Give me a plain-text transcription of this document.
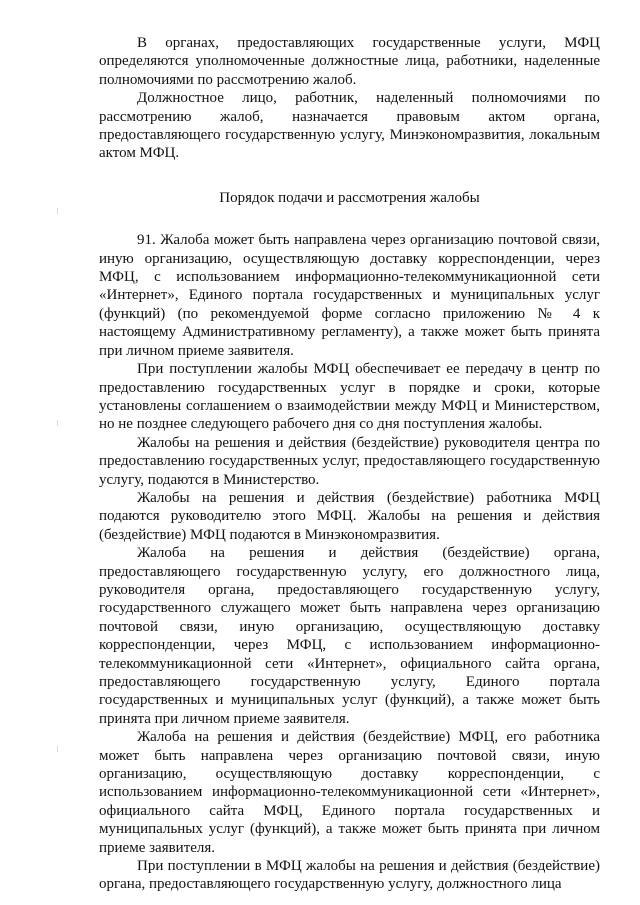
В органах, предоставляющих государственные услуги, МФЦ определяются уполномоченные должностные лица, работники, наделенные полномочиями по рассмотрению жалоб.

Должностное лицо, работник, наделенный полномочиями по рассмотрению жалоб, назначается правовым актом органа, предоставляющего государственную услугу, Минэкономразвития, локальным актом МФЦ.

Порядок подачи и рассмотрения жалобы

91. Жалоба может быть направлена через организацию почтовой связи, иную организацию, осуществляющую доставку корреспонденции, через МФЦ, с использованием информационно-телекоммуникационной сети «Интернет», Единого портала государственных и муниципальных услуг (функций) (по рекомендуемой форме согласно приложению № 4 к настоящему Административному регламенту), а также может быть принята при личном приеме заявителя.

При поступлении жалобы МФЦ обеспечивает ее передачу в центр по предоставлению государственных услуг в порядке и сроки, которые установлены соглашением о взаимодействии между МФЦ и Министерством, но не позднее следующего рабочего дня со дня поступления жалобы.

Жалобы на решения и действия (бездействие) руководителя центра по предоставлению государственных услуг, предоставляющего государственную услугу, подаются в Министерство.

Жалобы на решения и действия (бездействие) работника МФЦ подаются руководителю этого МФЦ. Жалобы на решения и действия (бездействие) МФЦ подаются в Минэкономразвития.

Жалоба на решения и действия (бездействие) органа, предоставляющего государственную услугу, его должностного лица, руководителя органа, предоставляющего государственную услугу, государственного служащего может быть направлена через организацию почтовой связи, иную организацию, осуществляющую доставку корреспонденции, через МФЦ, с использованием информационно-телекоммуникационной сети «Интернет», официального сайта органа, предоставляющего государственную услугу, Единого портала государственных и муниципальных услуг (функций), а также может быть принята при личном приеме заявителя.

Жалоба на решения и действия (бездействие) МФЦ, его работника может быть направлена через организацию почтовой связи, иную организацию, осуществляющую доставку корреспонденции, с использованием информационно-телекоммуникационной сети «Интернет», официального сайта МФЦ, Единого портала государственных и муниципальных услуг (функций), а также может быть принята при личном приеме заявителя.

При поступлении в МФЦ жалобы на решения и действия (бездействие) органа, предоставляющего государственную услугу, должностного лица
